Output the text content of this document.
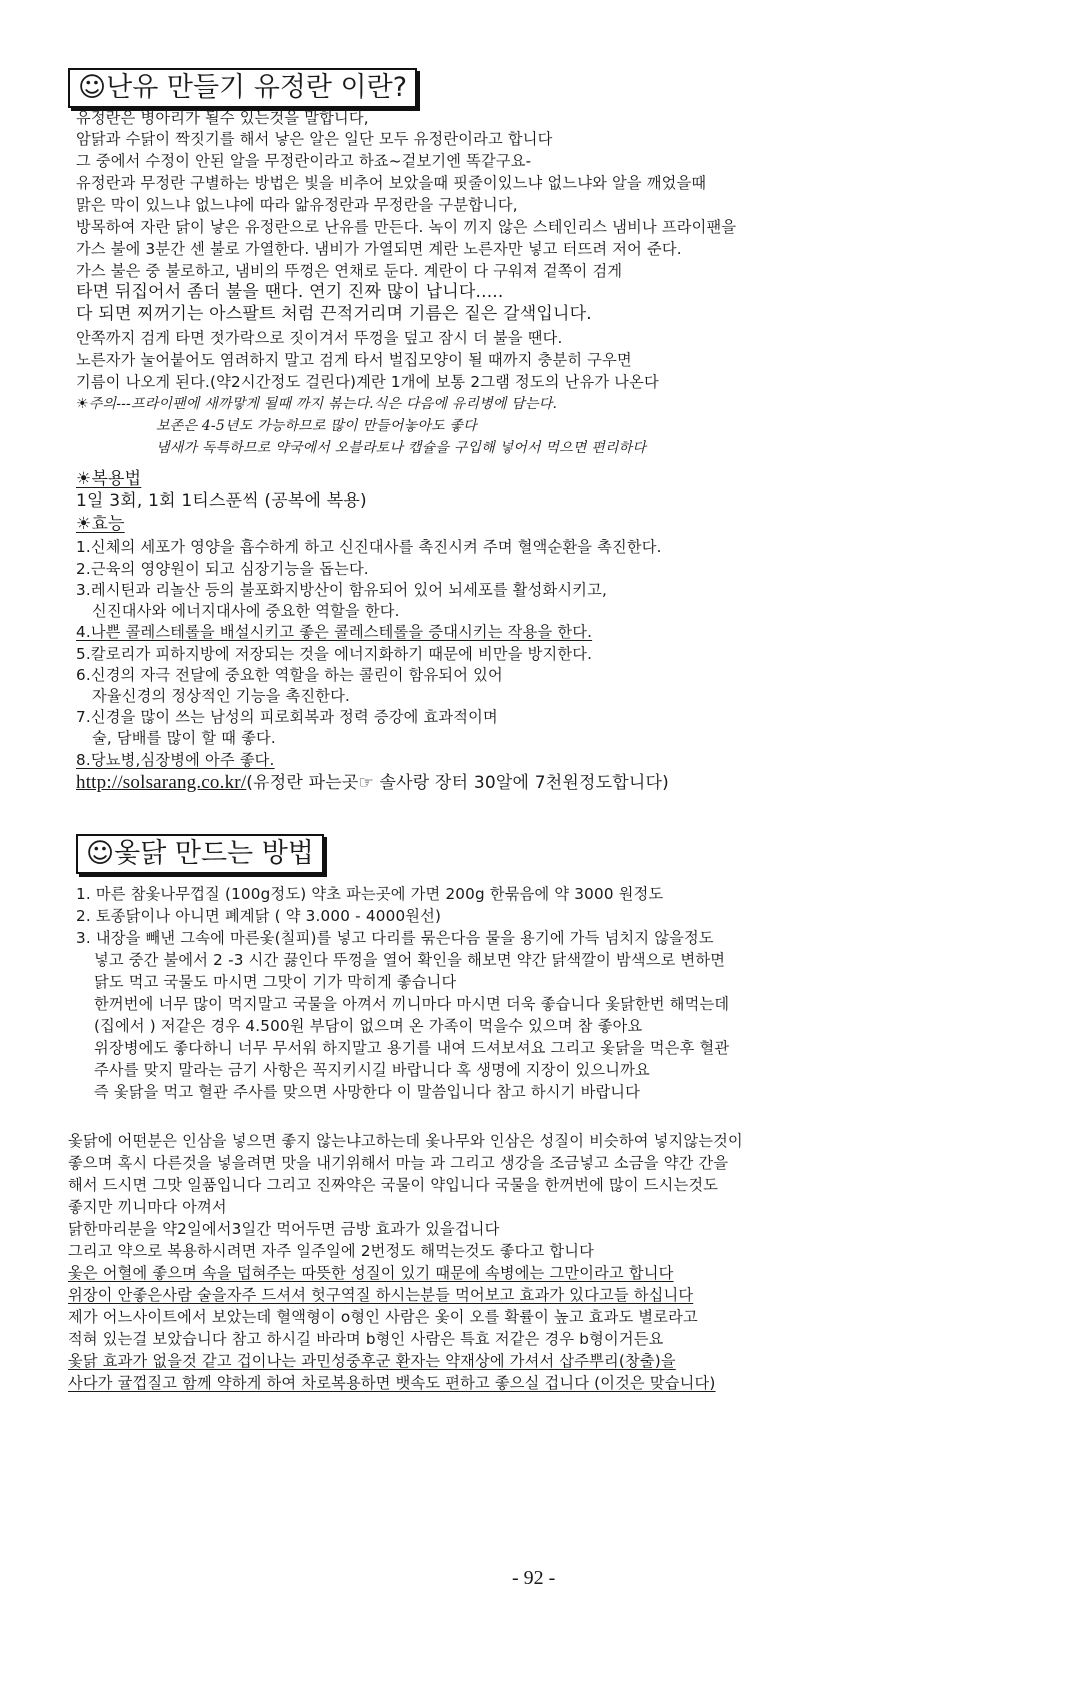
☺난유 만들기 유정란 이란?
유정란은 병아리가 될수 있는것을 말합니다,
암닭과 수닭이 짝짓기를 해서 낳은 알은 일단 모두 유정란이라고 합니다
그 중에서 수정이 안된 알을 무정란이라고 하죠~겉보기엔 똑같구요-
유정란과 무정란 구별하는 방법은 빛을 비추어 보았을때 핏줄이있느냐 없느냐와 알을 깨었을때
맑은 막이 있느냐 없느냐에 따라 앎유정란과 무정란을 구분합니다,
방목하여 자란 닭이 낳은 유정란으로 난유를 만든다. 녹이 끼지 않은 스테인리스 냄비나 프라이팬을
가스 불에 3분간 센 불로 가열한다. 냄비가 가열되면 계란 노른자만 넣고 터뜨려 저어 준다.
가스 불은 중 불로하고, 냄비의 뚜껑은 연채로 둔다. 계란이 다 구워져 겉쪽이 검게
타면 뒤집어서 좀더 불을 땐다. 연기 진짜 많이 납니다.....
다 되면 찌꺼기는 아스팔트 처럼 끈적거리며 기름은 짙은 갈색입니다.
안쪽까지 검게 타면 젓가락으로 짓이겨서 뚜껑을 덮고 잠시 더 불을 땐다.
노른자가 눌어붙어도 염려하지 말고 검게 타서 벌집모양이 될 때까지 충분히 구우면
기름이 나오게 된다.(약2시간정도 걸린다)계란 1개에 보통 2그램 정도의 난유가 나온다
☀주의---프라이팬에 새까맣게 될때 까지 볶는다.식은 다음에 유리병에 담는다.
보존은 4-5년도 가능하므로 많이 만들어놓아도 좋다
냄새가 독특하므로 약국에서 오블라토나 캡슐을 구입해 넣어서 먹으면 편리하다
☀복용법
1일 3회, 1회 1티스푼씩 (공복에 복용)
☀효능
1.신체의 세포가 영양을 흡수하게 하고 신진대사를 촉진시켜 주며 혈액순환을 촉진한다.
2.근육의 영양원이 되고 심장기능을 돕는다.
3.레시틴과 리놀산 등의 불포화지방산이 함유되어 있어 뇌세포를 활성화시키고,
신진대사와 에너지대사에 중요한 역할을 한다.
4.나쁜 콜레스테롤을 배설시키고 좋은 콜레스테롤을 증대시키는 작용을 한다.
5.칼로리가 피하지방에 저장되는 것을 에너지화하기 때문에 비만을 방지한다.
6.신경의 자극 전달에 중요한 역할을 하는 콜린이 함유되어 있어
자율신경의 정상적인 기능을 촉진한다.
7.신경을 많이 쓰는 남성의 피로회복과 정력 증강에 효과적이며
술, 담배를 많이 할 때 좋다.
8.당뇨병,심장병에 아주 좋다.
http://solsarang.co.kr/(유정란 파는곳☞ 솔사랑 장터 30알에 7천원정도합니다)
☺옻닭 만드는 방법
1. 마른 참옻나무껍질 (100g정도) 약초 파는곳에 가면 200g 한묶음에 약 3000 원정도
2. 토종닭이나 아니면 폐계닭 ( 약 3.000 - 4000원선)
3. 내장을 빼낸 그속에 마른옻(칠피)를 넣고 다리를 묶은다음 물을 용기에 가득 넘치지 않을정도
넣고 중간 불에서 2 -3 시간 끓인다 뚜껑을 열어 확인을 해보면 약간 닭색깔이 밤색으로 변하면
닭도 먹고 국물도 마시면 그맛이 기가 막히게 좋습니다
한꺼번에 너무 많이 먹지말고 국물을 아껴서 끼니마다 마시면 더욱 좋습니다 옻닭한번 해먹는데
(집에서 ) 저같은 경우 4.500원 부담이 없으며 온 가족이 먹을수 있으며 참 좋아요
위장병에도 좋다하니 너무 무서워 하지말고 용기를 내여 드셔보셔요 그리고 옻닭을 먹은후 혈관
주사를 맞지 말라는 금기 사항은 꼭지키시길 바랍니다 혹 생명에 지장이 있으니까요
즉 옻닭을 먹고 혈관 주사를 맞으면 사망한다 이 말씀입니다 참고 하시기 바랍니다
옻닭에 어떤분은 인삼을 넣으면 좋지 않는냐고하는데 옻나무와 인삼은 성질이 비슷하여 넣지않는것이
좋으며 혹시 다른것을 넣을려면 맛을 내기위해서 마늘 과 그리고 생강을 조금넣고 소금을 약간 간을
해서 드시면 그맛 일품입니다 그리고 진짜약은 국물이 약입니다 국물을 한꺼번에 많이 드시는것도
좋지만 끼니마다 아껴서
닭한마리분을 약2일에서3일간 먹어두면 금방 효과가 있을겁니다
그리고 약으로 복용하시려면 자주 일주일에 2번정도 해먹는것도 좋다고 합니다
옻은 어혈에 좋으며 속을 덥혀주는 따뜻한 성질이 있기 때문에 속병에는 그만이라고 합니다
위장이 안좋은사람 술을자주 드셔셔 헛구역질 하시는분들 먹어보고 효과가 있다고들 하십니다
제가 어느사이트에서 보았는데 혈액형이 o형인 사람은 옻이 오를 확률이 높고 효과도 별로라고
적혀 있는걸 보았습니다 참고 하시길 바라며 b형인 사람은 특효 저같은 경우 b형이거든요
옻닭 효과가 없을것 같고 겁이나는 과민성중후군 환자는 약재상에 가셔서 삽주뿌리(창출)을
사다가 귤껍질고 함께 약하게 하여 차로복용하면 뱃속도 편하고 좋으실 겁니다 (이것은 맞습니다)
- 92 -
